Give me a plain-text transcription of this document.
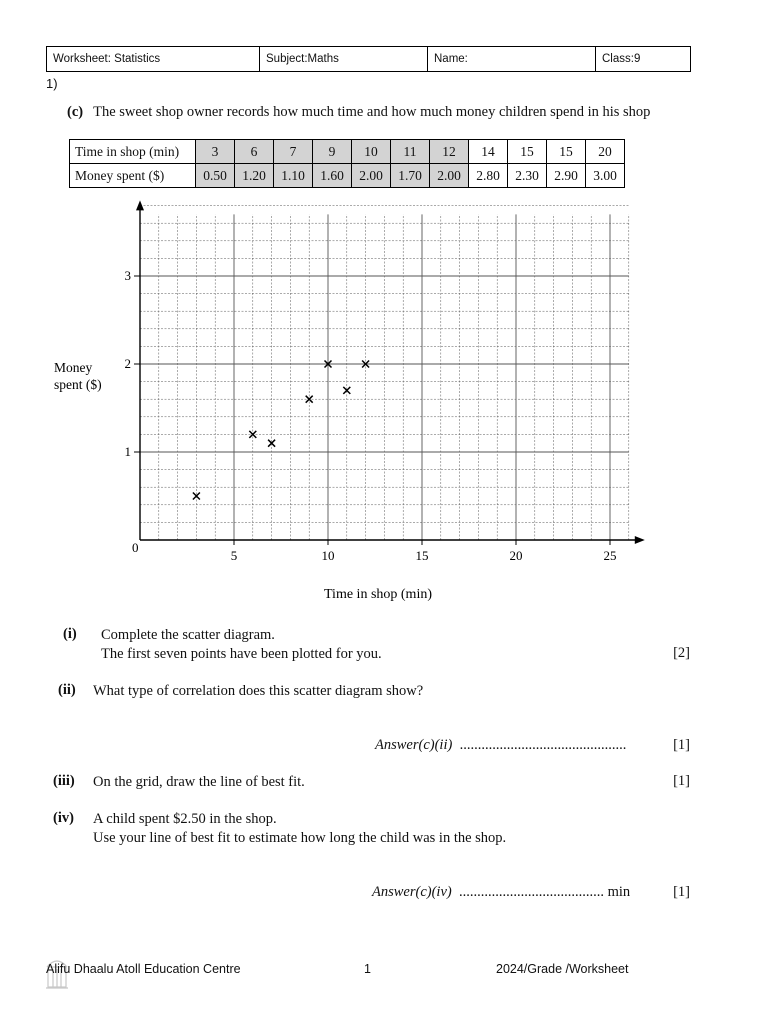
Worksheet: Statistics	Subject:Maths	Name:	Class:9
1)
(c) The sweet shop owner records how much time and how much money children spend in his shop
Time in shop (min)	3	6	7	9	10	11	12	14	15	15	20
Money spent ($)	0.50	1.20	1.10	1.60	2.00	1.70	2.00	2.80	2.30	2.90	3.00
5	10	15	20	25
1
2
3
0
Money
spent ($)
Time in shop (min)
(i) Complete the scatter diagram.
The first seven points have been plotted for you.	[2]
(ii) What type of correlation does this scatter diagram show?
Answer(c)(ii) ..............................................	[1]
(iii) On the grid, draw the line of best fit.	[1]
(iv) A child spent $2.50 in the shop.
Use your line of best fit to estimate how long the child was in the shop.
Answer(c)(iv) ........................................ min	[1]
Alifu Dhaalu Atoll Education Centre	1	2024/Grade /Worksheet
